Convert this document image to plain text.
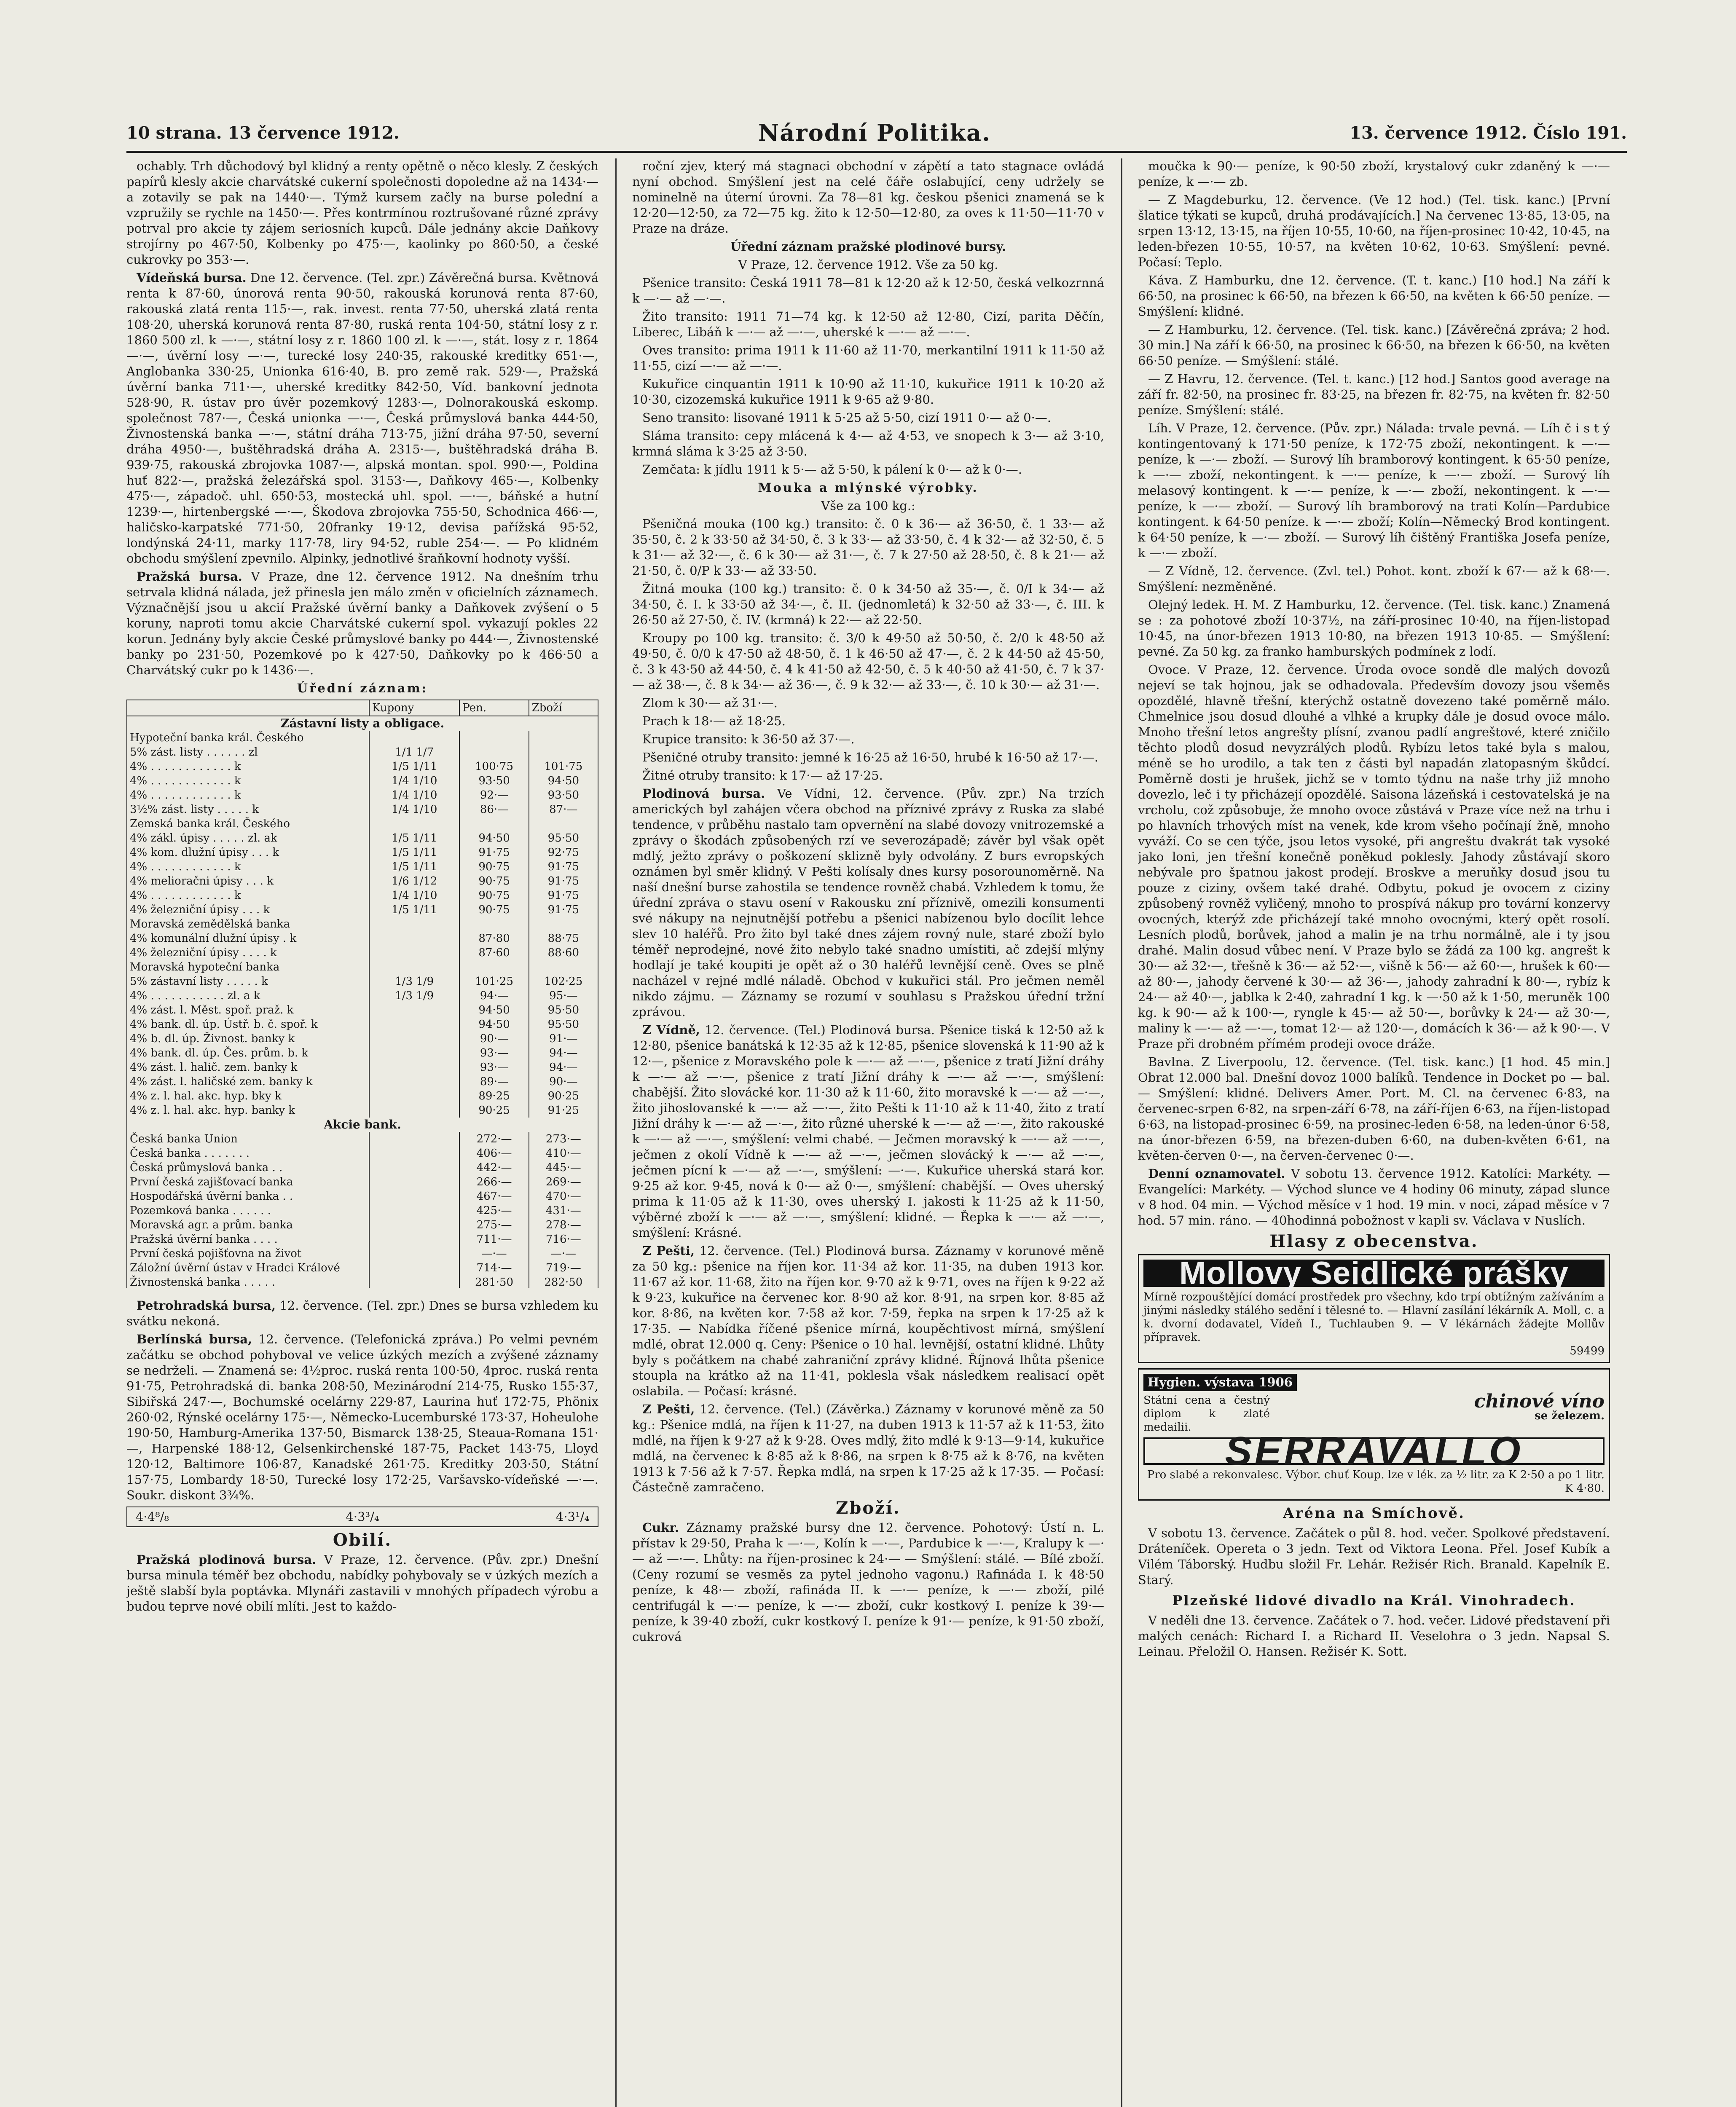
10 strana. 13 července 1912.	Národní Politika.	13. července 1912. Číslo 191.

ochably. Trh důchodový byl klidný a renty opětně o něco klesly. Z českých papírů klesly akcie charvátské cukerní společnosti dopoledne až na 1434·— a zotavily se pak na 1440·—. Týmž kursem začly na burse polední a vzpružily se rychle na 1450·—. Přes kontrmínou roztrušované různé zprávy potrval pro akcie ty zájem seriosních kupců. Dále jednány akcie Daňkovy strojírny po 467·50, Kolbenky po 475·—, kaolinky po 860·50, a české cukrovky po 353·—.

Vídeňská bursa. Dne 12. července. (Tel. zpr.) Závěrečná bursa. Květnová renta k 87·60, únorová renta 90·50, rakouská korunová renta 87·60, rakouská zlatá renta 115·—, rak. invest. renta 77·50, uherská zlatá renta 108·20, uherská korunová renta 87·80, ruská renta 104·50, státní losy z r. 1860 500 zl. k —·—, státní losy z r. 1860 100 zl. k —·—, stát. losy z r. 1864 —·—, úvěrní losy —·—, turecké losy 240·35, rakouské kreditky 651·—, Anglobanka 330·25, Unionka 616·40, B. pro země rak. 529·—, Pražská úvěrní banka 711·—, uherské kreditky 842·50, Víd. bankovní jednota 528·90, R. ústav pro úvěr pozemkový 1283·—, Dolnorakouská eskomp. společnost 787·—, Česká unionka —·—, Česká průmyslová banka 444·50, Živnostenská banka —·—, státní dráha 713·75, jižní dráha 97·50, severní dráha 4950·—, buštěhradská dráha A. 2315·—, buštěhradská dráha B. 939·75, rakouská zbrojovka 1087·—, alpská montan. spol. 990·—, Poldina huť 822·—, pražská železářská spol. 3153·—, Daňkovy 465·—, Kolbenky 475·—, západoč. uhl. 650·53, mostecká uhl. spol. —·—, báňské a hutní 1239·—, hirtenbergské —·—, Škodova zbrojovka 755·50, Schodnica 466·—, haličsko-karpatské 771·50, 20franky 19·12, devisa pařížská 95·52, londýnská 24·11, marky 117·78, liry 94·52, ruble 254·—. — Po klidném obchodu smýšlení zpevnilo. Alpinky, jednotlivé šraňkovní hodnoty vyšší.

Pražská bursa. V Praze, dne 12. července 1912. Na dnešním trhu setrvala klidná nálada, jež přinesla jen málo změn v oficielních záznamech. Význačnější jsou u akcií Pražské úvěrní banky a Daňkovek zvýšení o 5 koruny, naproti tomu akcie Charvátské cukerní spol. vykazují pokles 22 korun. Jednány byly akcie České průmyslové banky po 444·—, Živnostenské banky po 231·50, Pozemkové po k 427·50, Daňkovky po k 466·50 a Charvátský cukr po k 1436·—.

Úřední záznam:

	Kupony	Pen.	Zboží
Zástavní listy a obligace.			
Hypoteční banka král. Českého			
5% zást. listy . . . . . . zl	1/1 1/7		
4% . . . . . . . . . . . . k	1/5 1/11	100·75	101·75
4% . . . . . . . . . . . . k	1/4 1/10	93·50	94·50
4% . . . . . . . . . . . . k	1/4 1/10	92·—	93·50
3½% zást. listy . . . . . k	1/4 1/10	86·—	87·—
Zemská banka král. Českého			
4% zákl. úpisy . . . . . zl. ak	1/5 1/11	94·50	95·50
4% kom. dlužní úpisy . . . k	1/5 1/11	91·75	92·75
4% . . . . . . . . . . . . k	1/5 1/11	90·75	91·75
4% melioračni úpisy . . . k	1/6 1/12	90·75	91·75
4% . . . . . . . . . . . . k	1/4 1/10	90·75	91·75
4% železniční úpisy . . . k	1/5 1/11	90·75	91·75
Moravská zemědělská banka			
4% komunální dlužní úpisy . k		87·80	88·75
4% železniční úpisy . . . . k		87·60	88·60
Moravská hypoteční banka			
5% zástavní listy . . . . . k	1/3 1/9	101·25	102·25
4% . . . . . . . . . . . zl. a k	1/3 1/9	94·—	95·—
4% zást. l. Měst. spoř. praž. k		94·50	95·50
4% bank. dl. úp. Ústř. b. č. spoř. k		94·50	95·50
4% b. dl. úp. Živnost. banky k		90·—	91·—
4% bank. dl. úp. Čes. prům. b. k		93·—	94·—
4% zást. l. halič. zem. banky k		93·—	94·—
4% zást. l. haličské zem. banky k		89·—	90·—
4% z. l. hal. akc. hyp. bky k		89·25	90·25
4% z. l. hal. akc. hyp. banky k		90·25	91·25
Akcie bank.			
Česká banka Union		272·—	273·—
Česká banka . . . . . . .		406·—	410·—
Česká průmyslová banka . .		442·—	445·—
První česká zajišťovací banka		266·—	269·—
Hospodářská úvěrní banka . .		467·—	470·—
Pozemková banka . . . . . .		425·—	431·—
Moravská agr. a prům. banka		275·—	278·—
Pražská úvěrní banka . . . .		711·—	716·—
První česká pojišťovna na život		—·—	—·—
Záložní úvěrní ústav v Hradci Králové		714·—	719·—
Živnostenská banka . . . . .		281·50	282·50

Petrohradská bursa, 12. července. (Tel. zpr.) Dnes se bursa vzhledem ku svátku nekoná.

Berlínská bursa, 12. července. (Telefonická zpráva.) Po velmi pevném začátku se obchod pohyboval ve velice úzkých mezích a zvýšené záznamy se nedrželi. — Znamená se: 4½proc. ruská renta 100·50, 4proc. ruská renta 91·75, Petrohradská di. banka 208·50, Mezinárodní 214·75, Rusko 155·37, Sibiřská 247·—, Bochumské ocelárny 229·87, Laurina huť 172·75, Phönix 260·02, Rýnské ocelárny 175·—, Německo-Lucemburské 173·37, Hoheulohe 190·50, Hamburg-Amerika 137·50, Bismarck 138·25, Steaua-Romana 151·—, Harpenské 188·12, Gelsenkirchenské 187·75, Packet 143·75, Lloyd 120·12, Baltimore 106·87, Kanadské 261·75. Kreditky 203·50, Státní 157·75, Lombardy 18·50, Turecké losy 172·25, Varšavsko-vídeňské —·—. Soukr. diskont 3¾%.

4·4⁸/₈	4·3³/₄	4·3¹/₄
Obilí.

Pražská plodinová bursa. V Praze, 12. července. (Pův. zpr.) Dnešní bursa minula téměř bez obchodu, nabídky pohybovaly se v úzkých mezích a ještě slabší byla poptávka. Mlynáři zastavili v mnohých případech výrobu a budou teprve nové obilí mlíti. Jest to každo-

roční zjev, který má stagnaci obchodní v zápětí a tato stagnace ovládá nyní obchod. Smýšlení jest na celé čáře oslabující, ceny udržely se nominelně na úterní úrovni. Za 78—81 kg. českou pšenici znamená se k 12·20—12·50, za 72—75 kg. žito k 12·50—12·80, za oves k 11·50—11·70 v Praze na dráze.

Úřední záznam pražské plodinové bursy.

V Praze, 12. července 1912. Vše za 50 kg.

Pšenice transito: Česká 1911 78—81 k 12·20 až k 12·50, česká velkozrnná k —·— až —·—.

Žito transito: 1911 71—74 kg. k 12·50 až 12·80, Cizí, parita Děčín, Liberec, Libáň k —·— až —·—, uherské k —·— až —·—.

Oves transito: prima 1911 k 11·60 až 11·70, merkantilní 1911 k 11·50 až 11·55, cizí —·— až —·—.

Kukuřice cinquantin 1911 k 10·90 až 11·10, kukuřice 1911 k 10·20 až 10·30, cizozemská kukuřice 1911 k 9·65 až 9·80.

Seno transito: lisované 1911 k 5·25 až 5·50, cizí 1911 0·— až 0·—.

Sláma transito: cepy mlácená k 4·— až 4·53, ve snopech k 3·— až 3·10, krmná sláma k 3·25 až 3·50.

Zemčata: k jídlu 1911 k 5·— až 5·50, k pálení k 0·— až k 0·—.

Mouka a mlýnské výrobky.

Vše za 100 kg.:

Pšeničná mouka (100 kg.) transito: č. 0 k 36·— až 36·50, č. 1 33·— až 35·50, č. 2 k 33·50 až 34·50, č. 3 k 33·— až 33·50, č. 4 k 32·— až 32·50, č. 5 k 31·— až 32·—, č. 6 k 30·— až 31·—, č. 7 k 27·50 až 28·50, č. 8 k 21·— až 21·50, č. 0/P k 33·— až 33·50.

Žitná mouka (100 kg.) transito: č. 0 k 34·50 až 35·—, č. 0/I k 34·— až 34·50, č. I. k 33·50 až 34·—, č. II. (jednomletá) k 32·50 až 33·—, č. III. k 26·50 až 27·50, č. IV. (krmná) k 22·— až 22·50.

Kroupy po 100 kg. transito: č. 3/0 k 49·50 až 50·50, č. 2/0 k 48·50 až 49·50, č. 0/0 k 47·50 až 48·50, č. 1 k 46·50 až 47·—, č. 2 k 44·50 až 45·50, č. 3 k 43·50 až 44·50, č. 4 k 41·50 až 42·50, č. 5 k 40·50 až 41·50, č. 7 k 37·— až 38·—, č. 8 k 34·— až 36·—, č. 9 k 32·— až 33·—, č. 10 k 30·— až 31·—.

Zlom k 30·— až 31·—.

Prach k 18·— až 18·25.

Krupice transito: k 36·50 až 37·—.

Pšeničné otruby transito: jemné k 16·25 až 16·50, hrubé k 16·50 až 17·—.

Žitné otruby transito: k 17·— až 17·25.

Plodinová bursa. Ve Vídni, 12. července. (Pův. zpr.) Na trzích amerických byl zahájen včera obchod na příznivé zprávy z Ruska za slabé tendence, v průběhu nastalo tam opvernění na slabé dovozy vnitrozemské a zprávy o škodách způsobených rzí ve severozápadě; závěr byl však opět mdlý, ježto zprávy o poškození sklizně byly odvolány. Z burs evropských oznámen byl směr klidný. V Pešti kolísaly dnes kursy posorounoměrně. Na naší dnešní burse zahostila se tendence rovněž chabá. Vzhledem k tomu, že úřední zpráva o stavu osení v Rakousku zní příznivě, omezili konsumenti své nákupy na nejnutnější potřebu a pšenici nabízenou bylo docílit lehce slev 10 haléřů. Pro žito byl také dnes zájem rovný nule, staré zboží bylo téměř neprodejné, nové žito nebylo také snadno umístiti, ač zdejší mlýny hodlají je také koupiti je opět až o 30 haléřů levnější ceně. Oves se plně nacházel v rejné mdlé náladě. Obchod v kukuřici stál. Pro ječmen neměl nikdo zájmu. — Záznamy se rozumí v souhlasu s Pražskou úřední tržní zprávou.

Z Vídně, 12. července. (Tel.) Plodinová bursa. Pšenice tiská k 12·50 až k 12·80, pšenice banátská k 12·35 až k 12·85, pšenice slovenská k 11·90 až k 12·—, pšenice z Moravského pole k —·— až —·—, pšenice z tratí Jižní dráhy k —·— až —·—, pšenice z tratí Jižní dráhy k —·— až —·—, smýšlení: chabější. Žito slovácké kor. 11·30 až k 11·60, žito moravské k —·— až —·—, žito jihoslovanské k —·— až —·—, žito Pešti k 11·10 až k 11·40, žito z tratí Jižní dráhy k —·— až —·—, žito různé uherské k —·— až —·—, žito rakouské k —·— až —·—, smýšlení: velmi chabé. — Ječmen moravský k —·— až —·—, ječmen z okolí Vídně k —·— až —·—, ječmen slovácký k —·— až —·—, ječmen pícní k —·— až —·—, smýšlení: —·—. Kukuřice uherská stará kor. 9·25 až kor. 9·45, nová k 0·— až 0·—, smýšlení: chabější. — Oves uherský prima k 11·05 až k 11·30, oves uherský I. jakosti k 11·25 až k 11·50, výběrné zboží k —·— až —·—, smýšlení: klidné. — Řepka k —·— až —·—, smýšlení: Krásné.

Z Pešti, 12. července. (Tel.) Plodinová bursa. Záznamy v korunové měně za 50 kg.: pšenice na říjen kor. 11·34 až kor. 11·35, na duben 1913 kor. 11·67 až kor. 11·68, žito na říjen kor. 9·70 až k 9·71, oves na říjen k 9·22 až k 9·23, kukuřice na červenec kor. 8·90 až kor. 8·91, na srpen kor. 8·85 až kor. 8·86, na květen kor. 7·58 až kor. 7·59, řepka na srpen k 17·25 až k 17·35. — Nabídka říčené pšenice mírná, koupěchtivost mírná, smýšlení mdlé, obrat 12.000 q. Ceny: Pšenice o 10 hal. levnější, ostatní klidné. Lhůty byly s počátkem na chabé zahraniční zprávy klidné. Říjnová lhůta pšenice stoupla na krátko až na 11·41, poklesla však následkem realisací opět oslabila. — Počasí: krásné.

Z Pešti, 12. července. (Tel.) (Závěrka.) Záznamy v korunové měně za 50 kg.: Pšenice mdlá, na říjen k 11·27, na duben 1913 k 11·57 až k 11·53, žito mdlé, na říjen k 9·27 až k 9·28. Oves mdlý, žito mdlé k 9·13—9·14, kukuřice mdlá, na červenec k 8·85 až k 8·86, na srpen k 8·75 až k 8·76, na květen 1913 k 7·56 až k 7·57. Řepka mdlá, na srpen k 17·25 až k 17·35. — Počasí: Částečně zamračeno.

Zboží.

Cukr. Záznamy pražské bursy dne 12. července. Pohotový: Ústí n. L. přístav k 29·50, Praha k —·—, Kolín k —·—, Pardubice k —·—, Kralupy k —·— až —·—. Lhůty: na říjen-prosinec k 24·— — Smýšlení: stálé. — Bílé zboží. (Ceny rozumí se vesměs za pytel jednoho vagonu.) Rafináda I. k 48·50 peníze, k 48·— zboží, rafináda II. k —·— peníze, k —·— zboží, pilé centrifugál k —·— peníze, k —·— zboží, cukr kostkový I. peníze k 39·— peníze, k 39·40 zboží, cukr kostkový I. peníze k 91·— peníze, k 91·50 zboží, cukrová

moučka k 90·— peníze, k 90·50 zboží, krystalový cukr zdaněný k —·— peníze, k —·— zb.

— Z Magdeburku, 12. července. (Ve 12 hod.) (Tel. tisk. kanc.) [První šlatice týkati se kupců, druhá prodávajících.] Na červenec 13·85, 13·05, na srpen 13·12, 13·15, na říjen 10·55, 10·60, na říjen-prosinec 10·42, 10·45, na leden-březen 10·55, 10·57, na květen 10·62, 10·63. Smýšlení: pevné. Počasí: Teplo.

Káva. Z Hamburku, dne 12. července. (T. t. kanc.) [10 hod.] Na září k 66·50, na prosinec k 66·50, na březen k 66·50, na květen k 66·50 peníze. — Smýšlení: klidné.

— Z Hamburku, 12. července. (Tel. tisk. kanc.) [Závěrečná zpráva; 2 hod. 30 min.] Na září k 66·50, na prosinec k 66·50, na březen k 66·50, na květen 66·50 peníze. — Smýšlení: stálé.

— Z Havru, 12. července. (Tel. t. kanc.) [12 hod.] Santos good average na září fr. 82·50, na prosinec fr. 83·25, na březen fr. 82·75, na květen fr. 82·50 peníze. Smýšlení: stálé.

Líh. V Praze, 12. července. (Pův. zpr.) Nálada: trvale pevná. — Líh č i s t ý kontingentovaný k 171·50 peníze, k 172·75 zboží, nekontingent. k —·— peníze, k —·— zboží. — Surový líh bramborový kontingent. k 65·50 peníze, k —·— zboží, nekontingent. k —·— peníze, k —·— zboží. — Surový líh melasový kontingent. k —·— peníze, k —·— zboží, nekontingent. k —·— peníze, k —·— zboží. — Surový líh bramborový na trati Kolín—Pardubice kontingent. k 64·50 peníze. k —·— zboží; Kolín—Německý Brod kontingent. k 64·50 peníze, k —·— zboží. — Surový líh čištěný Františka Josefa peníze, k —·— zboží.

— Z Vídně, 12. července. (Zvl. tel.) Pohot. kont. zboží k 67·— až k 68·—. Smýšlení: nezměněné.

Olejný ledek. H. M. Z Hamburku, 12. července. (Tel. tisk. kanc.) Znamená se : za pohotové zboží 10·37½, na září-prosinec 10·40, na říjen-listopad 10·45, na únor-březen 1913 10·80, na březen 1913 10·85. — Smýšlení: pevné. Za 50 kg. za franko hamburských podmínek z lodí.

Ovoce. V Praze, 12. července. Úroda ovoce sondě dle malých dovozů nejeví se tak hojnou, jak se odhadovala. Především dovozy jsou všeměs opozdělé, hlavně třešní, kterýchž ostatně dovezeno také poměrně málo. Chmelnice jsou dosud dlouhé a vlhké a krupky dále je dosud ovoce málo. Mnoho třešní letos angrešty plísní, zvanou padlí angreštové, které zničilo těchto plodů dosud nevyzrálých plodů. Rybízu letos také byla s malou, méně se ho urodilo, a tak ten z části byl napadán zlatopasným škůdcí. Poměrně dosti je hrušek, jichž se v tomto týdnu na naše trhy již mnoho dovezlo, leč i ty přicházejí opozdělé. Saisona lázeňská i cestovatelská je na vrcholu, což způsobuje, že mnoho ovoce zůstává v Praze více než na trhu i po hlavních trhových míst na venek, kde krom všeho počínají žně, mnoho vyváží. Co se cen týče, jsou letos vysoké, při angreštu dvakrát tak vysoké jako loni, jen třešní konečně poněkud poklesly. Jahody zůstávají skoro nebývale pro špatnou jakost prodejí. Broskve a meruňky dosud jsou tu pouze z ciziny, ovšem také drahé. Odbytu, pokud je ovocem z ciziny způsobený rovněž vyličený, mnoho to prospívá nákup pro tovární konzervy ovocných, kterýž zde přicházejí také mnoho ovocnými, který opět rosolí. Lesních plodů, borůvek, jahod a malin je na trhu normálně, ale i ty jsou drahé. Malin dosud vůbec není. V Praze bylo se žádá za 100 kg. angrešt k 30·— až 32·—, třešně k 36·— až 52·—, višně k 56·— až 60·—, hrušek k 60·— až 80·—, jahody červené k 30·— až 36·—, jahody zahradní k 80·—, rybíz k 24·— až 40·—, jablka k 2·40, zahradní 1 kg. k —·50 až k 1·50, meruněk 100 kg. k 90·— až k 100·—, ryngle k 45·— až 50·—, borůvky k 24·— až 30·—, maliny k —·— až —·—, tomat 12·— až 120·—, domácích k 36·— až k 90·—. V Praze při drobném přímém prodeji ovoce dráže.

Bavlna. Z Liverpoolu, 12. července. (Tel. tisk. kanc.) [1 hod. 45 min.] Obrat 12.000 bal. Dnešní dovoz 1000 balíků. Tendence in Docket po — bal. — Smýšlení: klidné. Delivers Amer. Port. M. Cl. na červenec 6·83, na červenec-srpen 6·82, na srpen-září 6·78, na září-říjen 6·63, na říjen-listopad 6·63, na listopad-prosinec 6·59, na prosinec-leden 6·58, na leden-únor 6·58, na únor-březen 6·59, na březen-duben 6·60, na duben-květen 6·61, na květen-červen 0·—, na červen-červenec 0·—.

Denní oznamovatel. V sobotu 13. července 1912. Katolíci: Markéty. — Evangelíci: Markéty. — Východ slunce ve 4 hodiny 06 minuty, západ slunce v 8 hod. 04 min. — Východ měsíce v 1 hod. 19 min. v noci, západ měsíce v 7 hod. 57 min. ráno. — 40hodinná pobožnost v kapli sv. Václava v Nuslích.

Hlasy z obecenstva.
Mollovy Seidlické prášky
Mírně rozpouštějící domácí prostředek pro všechny, kdo trpí obtížným zažíváním a jinými následky stálého sedění i tělesné to. — Hlavní zasílání lékárník A. Moll, c. a k. dvorní dodavatel, Vídeň I., Tuchlauben 9. — V lékárnách žádejte Mollův přípravek.
59499
Hygien. výstava 1906
Státní cena a čestný diplom k zlaté medailii.
chinové víno
se železem.
SERRAVALLO
Pro slabé a rekonvalesc. Výbor. chuť Koup. lze v lék. za ½ litr. za K 2·50 a po 1 litr. K 4·80.
Aréna na Smíchově.

V sobotu 13. července. Začátek o půl 8. hod. večer. Spolkové představení. Dráteníček. Opereta o 3 jedn. Text od Viktora Leona. Přel. Josef Kubík a Vilém Táborský. Hudbu složil Fr. Lehár. Režisér Rich. Branald. Kapelník E. Starý.

Plzeňské lidové divadlo na Král. Vinohradech.

V neděli dne 13. července. Začátek o 7. hod. večer. Lidové představení při malých cenách: Richard I. a Richard II. Veselohra o 3 jedn. Napsal S. Leinau. Přeložil O. Hansen. Režisér K. Sott.
